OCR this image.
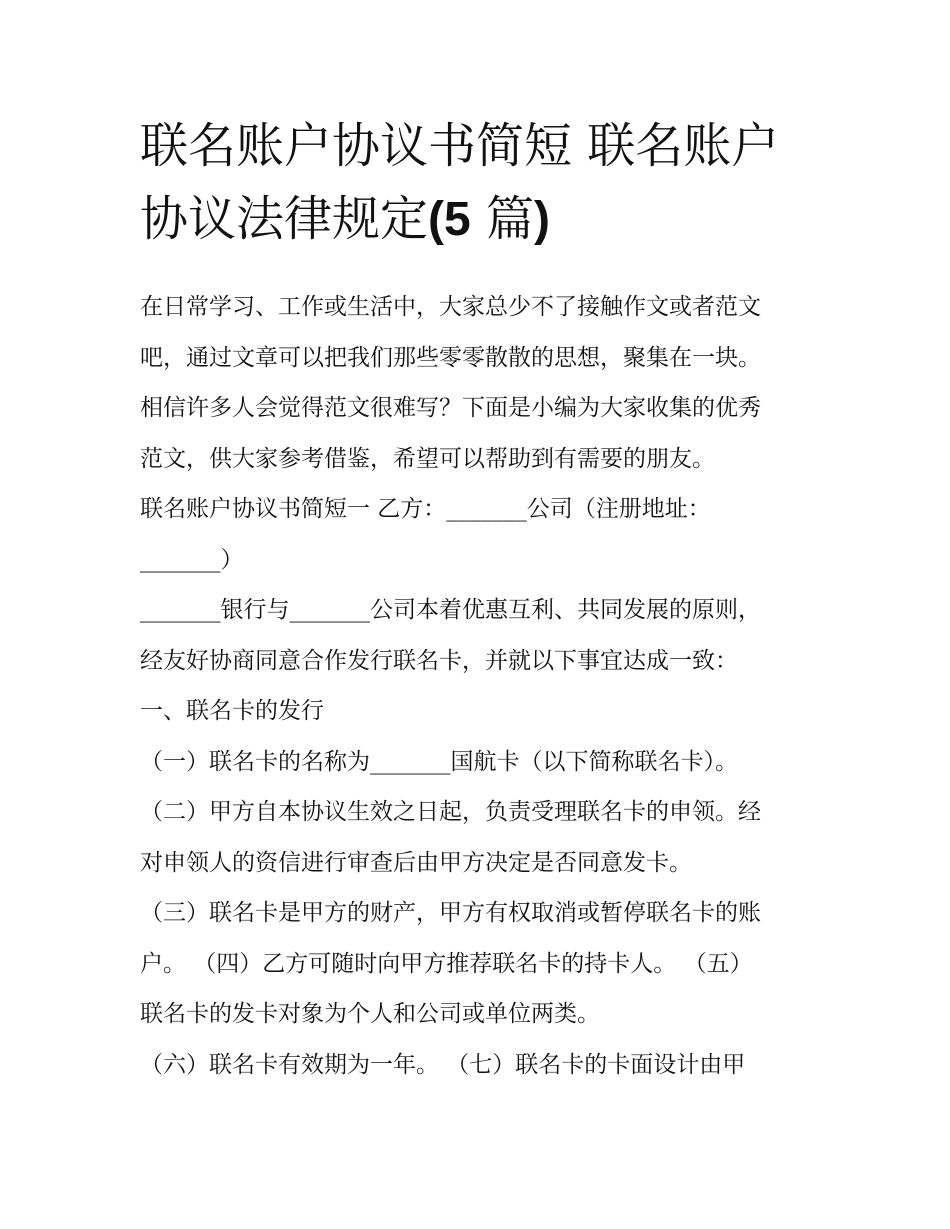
联名账户协议书简短 联名账户
协议法律规定(5 篇)

在日常学习、工作或生活中，大家总少不了接触作文或者范文

吧，通过文章可以把我们那些零零散散的思想，聚集在一块。

相信许多人会觉得范文很难写？下面是小编为大家收集的优秀

范文，供大家参考借鉴，希望可以帮助到有需要的朋友。

联名账户协议书简短一 乙方：_______公司（注册地址：

_______）

_______银行与_______公司本着优惠互利、共同发展的原则，

经友好协商同意合作发行联名卡，并就以下事宜达成一致：

一、联名卡的发行

（一）联名卡的名称为_______国航卡（以下简称联名卡）。

（二）甲方自本协议生效之日起，负责受理联名卡的申领。经

对申领人的资信进行审查后由甲方决定是否同意发卡。

（三）联名卡是甲方的财产，甲方有权取消或暂停联名卡的账

户。 （四）乙方可随时向甲方推荐联名卡的持卡人。 （五）

联名卡的发卡对象为个人和公司或单位两类。

（六）联名卡有效期为一年。 （七）联名卡的卡面设计由甲
